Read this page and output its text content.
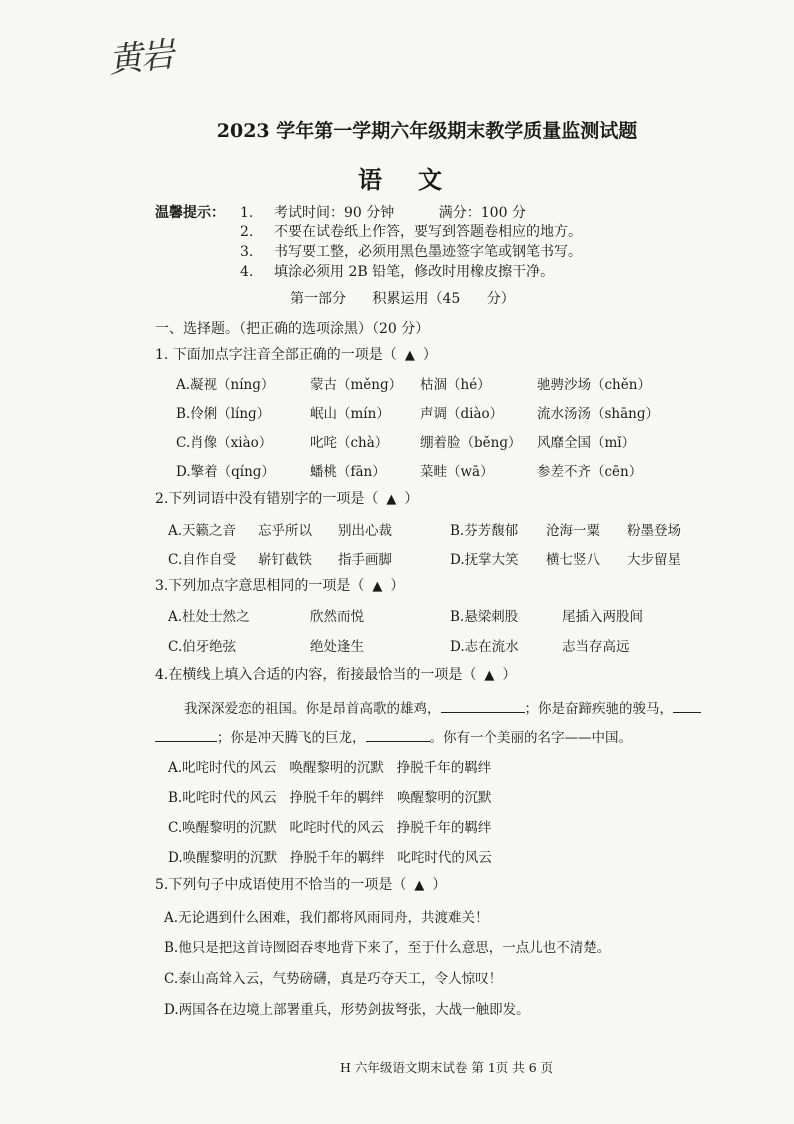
黄岩
2023 学年第一学期六年级期末教学质量监测试题
语文
温馨提示： 1. 考试时间：90 分钟          满分：100 分
2. 不要在试卷纸上作答，要写到答题卷相应的地方。
3. 书写要工整，必须用黑色墨迹签字笔或钢笔书写。
4. 填涂必须用 2B 铅笔，修改时用橡皮擦干净。
第一部分 积累运用（45 分）
一、选择题。（把正确的选项涂黑）（20 分）
1. 下面加点字注音全部正确的一项是（ ▲ ）
A.凝视（nínɡ）	蒙古（měnɡ） 枯涸（hé）	驰骋沙场（chěn）
B.伶俐（línɡ）	岷山（mín） 声调（diào）	流水汤汤（shānɡ）
C.肖像（xiào）	叱咤（chà） 绷着脸（běnɡ） 风靡全国（mǐ）
D.擎着（qínɡ）	蟠桃（fān）	菜畦（wā）	参差不齐（cēn）
2.下列词语中没有错别字的一项是（ ▲ ）
A.天籁之音 忘乎所以 别出心裁	B.芬芳馥郁 沧海一粟 粉墨登场
C.自作自受 崭钉截铁 指手画脚	D.抚掌大笑 横七竖八 大步留星
3.下列加点字意思相同的一项是（ ▲ ）
A.杜处士然之	欣然而悦	B.悬梁刺股	尾插入两股间
C.伯牙绝弦	绝处逢生	D.志在流水	志当存高远
4.在横线上填入合适的内容，衔接最恰当的一项是（ ▲ ）
我深深爱恋的祖国。你是昂首高歌的雄鸡，	；你是奋蹄疾驰的骏马，
；你是冲天腾飞的巨龙，	。你有一个美丽的名字——中国。
A.叱咤时代的风云   唤醒黎明的沉默   挣脱千年的羁绊
B.叱咤时代的风云   挣脱千年的羁绊   唤醒黎明的沉默
C.唤醒黎明的沉默   叱咤时代的风云   挣脱千年的羁绊
D.唤醒黎明的沉默   挣脱千年的羁绊   叱咤时代的风云
5.下列句子中成语使用不恰当的一项是（ ▲ ）
A.无论遇到什么困难，我们都将风雨同舟，共渡难关！
B.他只是把这首诗囫囵吞枣地背下来了，至于什么意思，一点儿也不清楚。
C.泰山高耸入云，气势磅礴，真是巧夺天工，令人惊叹！
D.两国各在边境上部署重兵，形势剑拔弩张，大战一触即发。
H 六年级语文期末试卷 第 1页 共 6 页
